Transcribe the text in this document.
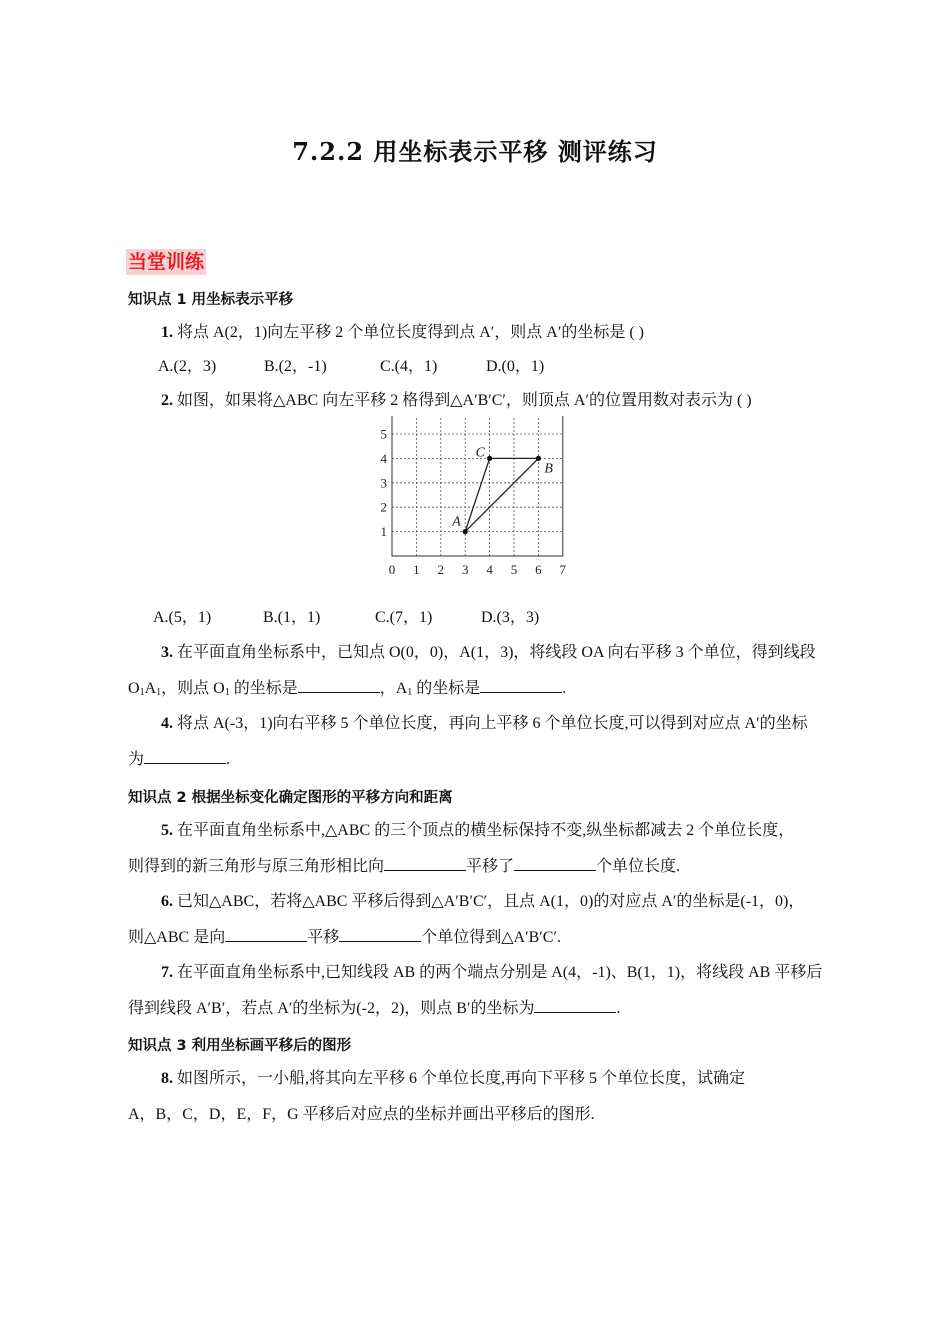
7.2.2 用坐标表示平移 测评练习
当堂训练
知识点 1 用坐标表示平移
1. 将点 A(2，1)向左平移 2 个单位长度得到点 A′，则点 A′的坐标是 ( )
A.(2，3)	B.(2，-1)	C.(4，1)	D.(0，1)
2. 如图，如果将△ABC 向左平移 2 格得到△A′B′C′，则顶点 A′的位置用数对表示为 ( )
0 1 2 3 4 5 6 7
1
2
3
4
5
A
B
C
A.(5，1)	B.(1，1)	C.(7，1)	D.(3，3)
3. 在平面直角坐标系中，已知点 O(0，0)，A(1，3)，将线段 OA 向右平移 3 个单位，得到线段
$O_1A_1$，则点 $O_1$ 的坐标是	，$A_1$ 的坐标是	.
4. 将点 A(-3，1)向右平移 5 个单位长度，再向上平移 6 个单位长度,可以得到对应点 A′的坐标
为	.
知识点 2 根据坐标变化确定图形的平移方向和距离
5. 在平面直角坐标系中,△ABC 的三个顶点的横坐标保持不变,纵坐标都减去 2 个单位长度，
则得到的新三角形与原三角形相比向	平移了	个单位长度.
6. 已知△ABC，若将△ABC 平移后得到△A′B′C′，且点 A(1，0)的对应点 A′的坐标是(-1，0)，
则△ABC 是向	平移	个单位得到△A′B′C′.
7. 在平面直角坐标系中,已知线段 AB 的两个端点分别是 A(4，-1)、B(1，1)，将线段 AB 平移后
得到线段 A′B′，若点 A′的坐标为(-2，2)，则点 B′的坐标为	.
知识点 3 利用坐标画平移后的图形
8. 如图所示，一小船,将其向左平移 6 个单位长度,再向下平移 5 个单位长度，试确定
A，B，C，D，E，F，G 平移后对应点的坐标并画出平移后的图形.
